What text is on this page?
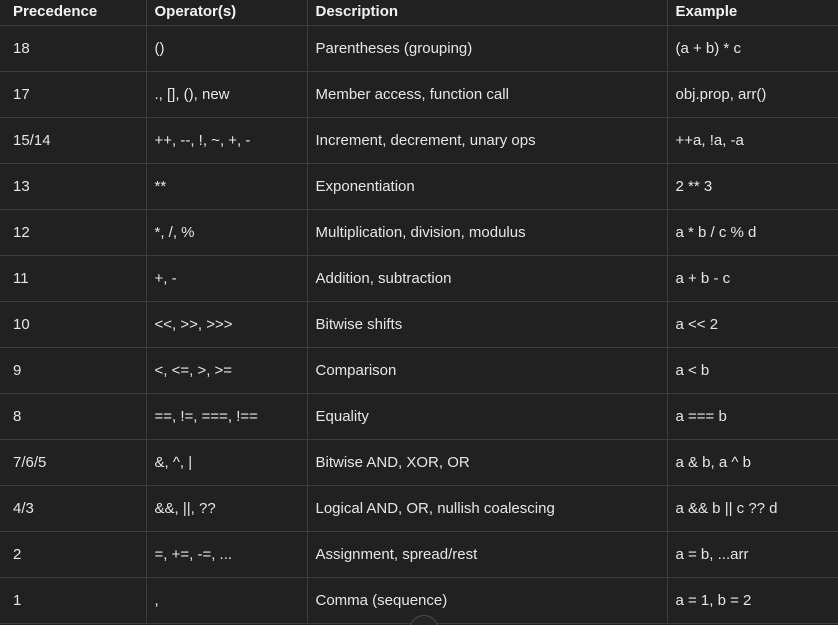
Precedence	Operator(s)	Description	Example
18	()	Parentheses (grouping)	(a + b) * c
17	., [], (), new	Member access, function call	obj.prop, arr()
15/14	++, --, !, ~, +, -	Increment, decrement, unary ops	++a, !a, -a
13	**	Exponentiation	2 ** 3
12	*, /, %	Multiplication, division, modulus	a * b / c % d
11	+, -	Addition, subtraction	a + b - c
10	<<, >>, >>>	Bitwise shifts	a << 2
9	<, <=, >, >=	Comparison	a < b
8	==, !=, ===, !==	Equality	a === b
7/6/5	&, ^, |	Bitwise AND, XOR, OR	a & b, a ^ b
4/3	&&, ||, ??	Logical AND, OR, nullish coalescing	a && b || c ?? d
2	=, +=, -=, ...	Assignment, spread/rest	a = b, ...arr
1	,	Comma (sequence)	a = 1, b = 2
